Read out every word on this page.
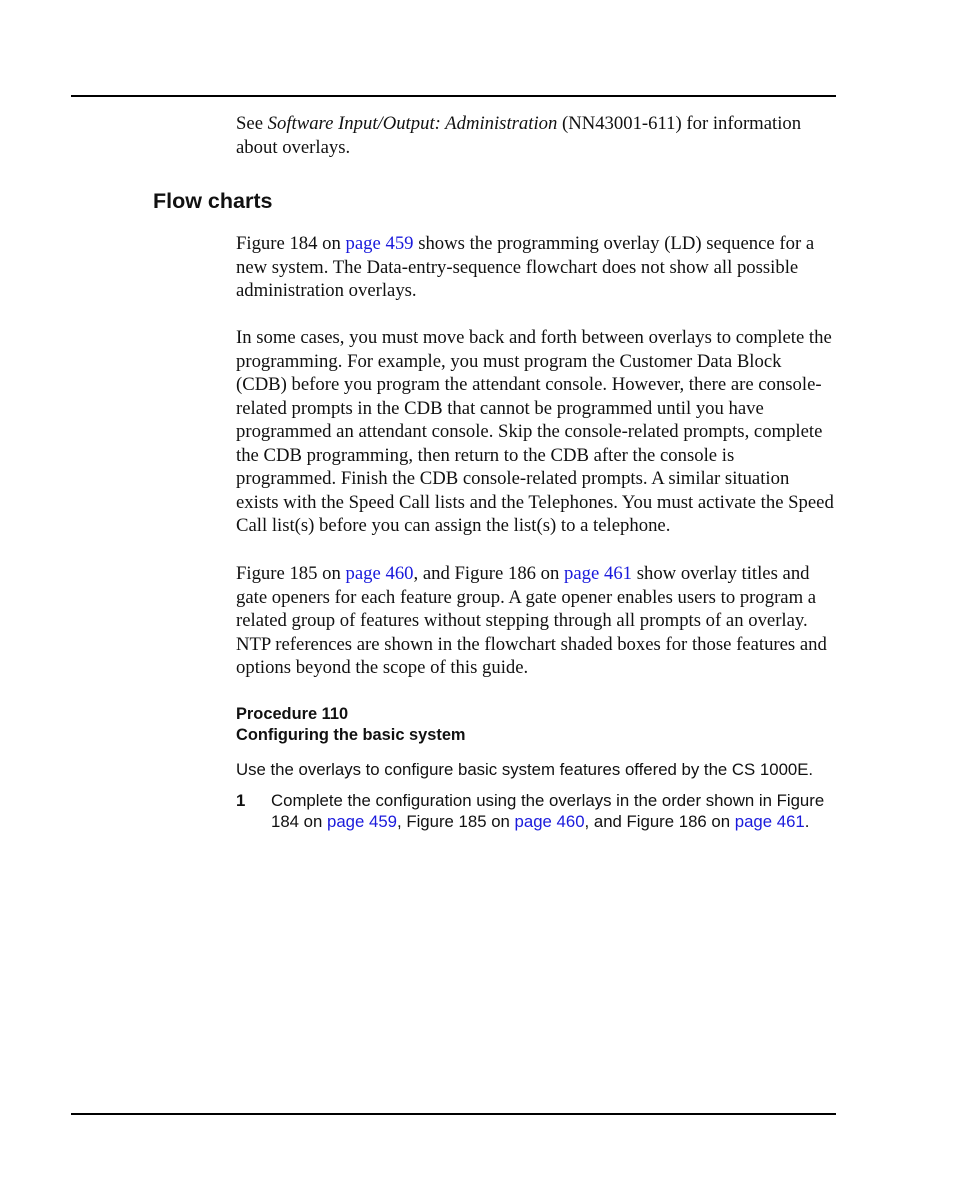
See Software Input/Output: Administration (NN43001-611) for information about overlays.

Flow charts

Figure 184 on page 459 shows the programming overlay (LD) sequence for a new system. The Data-entry-sequence flowchart does not show all possible administration overlays.

In some cases, you must move back and forth between overlays to complete the programming. For example, you must program the Customer Data Block (CDB) before you program the attendant console. However, there are console-related prompts in the CDB that cannot be programmed until you have programmed an attendant console. Skip the console-related prompts, complete the CDB programming, then return to the CDB after the console is programmed. Finish the CDB console-related prompts. A similar situation exists with the Speed Call lists and the Telephones. You must activate the Speed Call list(s) before you can assign the list(s) to a telephone.

Figure 185 on page 460, and Figure 186 on page 461 show overlay titles and gate openers for each feature group. A gate opener enables users to program a related group of features without stepping through all prompts of an overlay. NTP references are shown in the flowchart shaded boxes for those features and options beyond the scope of this guide.

Procedure 110
Configuring the basic system

Use the overlays to configure basic system features offered by the CS 1000E.

1 Complete the configuration using the overlays in the order shown in Figure 184 on page 459, Figure 185 on page 460, and Figure 186 on page 461.
